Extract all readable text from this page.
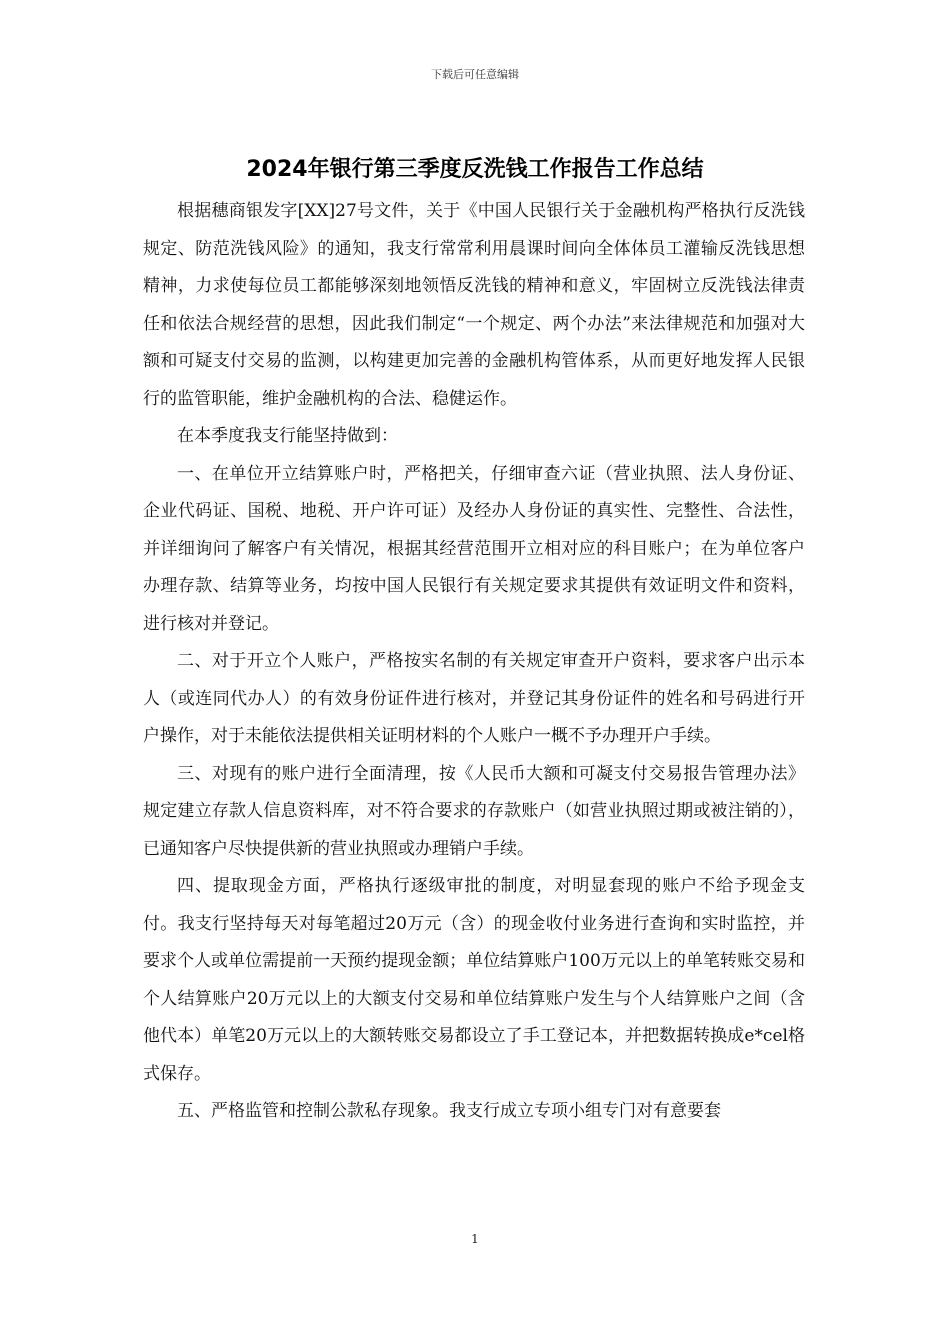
下载后可任意编辑
2024年银行第三季度反洗钱工作报告工作总结

根据穗商银发字[XX]27号文件，关于《中国人民银行关于金融机构严格执行反洗钱规定、防范洗钱风险》的通知，我支行常常利用晨课时间向全体体员工灌输反洗钱思想精神，力求使每位员工都能够深刻地领悟反洗钱的精神和意义，牢固树立反洗钱法律责任和依法合规经营的思想，因此我们制定“一个规定、两个办法”来法律规范和加强对大额和可疑支付交易的监测，以构建更加完善的金融机构管体系，从而更好地发挥人民银行的监管职能，维护金融机构的合法、稳健运作。

在本季度我支行能坚持做到：

一、在单位开立结算账户时，严格把关，仔细审查六证（营业执照、法人身份证、企业代码证、国税、地税、开户许可证）及经办人身份证的真实性、完整性、合法性，并详细询问了解客户有关情况，根据其经营范围开立相对应的科目账户；在为单位客户办理存款、结算等业务，均按中国人民银行有关规定要求其提供有效证明文件和资料，进行核对并登记。

二、对于开立个人账户，严格按实名制的有关规定审查开户资料，要求客户出示本人（或连同代办人）的有效身份证件进行核对，并登记其身份证件的姓名和号码进行开户操作，对于未能依法提供相关证明材料的个人账户一概不予办理开户手续。

三、对现有的账户进行全面清理，按《人民币大额和可凝支付交易报告管理办法》规定建立存款人信息资料库，对不符合要求的存款账户（如营业执照过期或被注销的），已通知客户尽快提供新的营业执照或办理销户手续。

四、提取现金方面，严格执行逐级审批的制度，对明显套现的账户不给予现金支付。我支行坚持每天对每笔超过20万元（含）的现金收付业务进行查询和实时监控，并要求个人或单位需提前一天预约提现金额；单位结算账户100万元以上的单笔转账交易和个人结算账户20万元以上的大额支付交易和单位结算账户发生与个人结算账户之间（含他代本）单笔20万元以上的大额转账交易都设立了手工登记本，并把数据转换成e*cel格式保存。

五、严格监管和控制公款私存现象。我支行成立专项小组专门对有意要套

1
